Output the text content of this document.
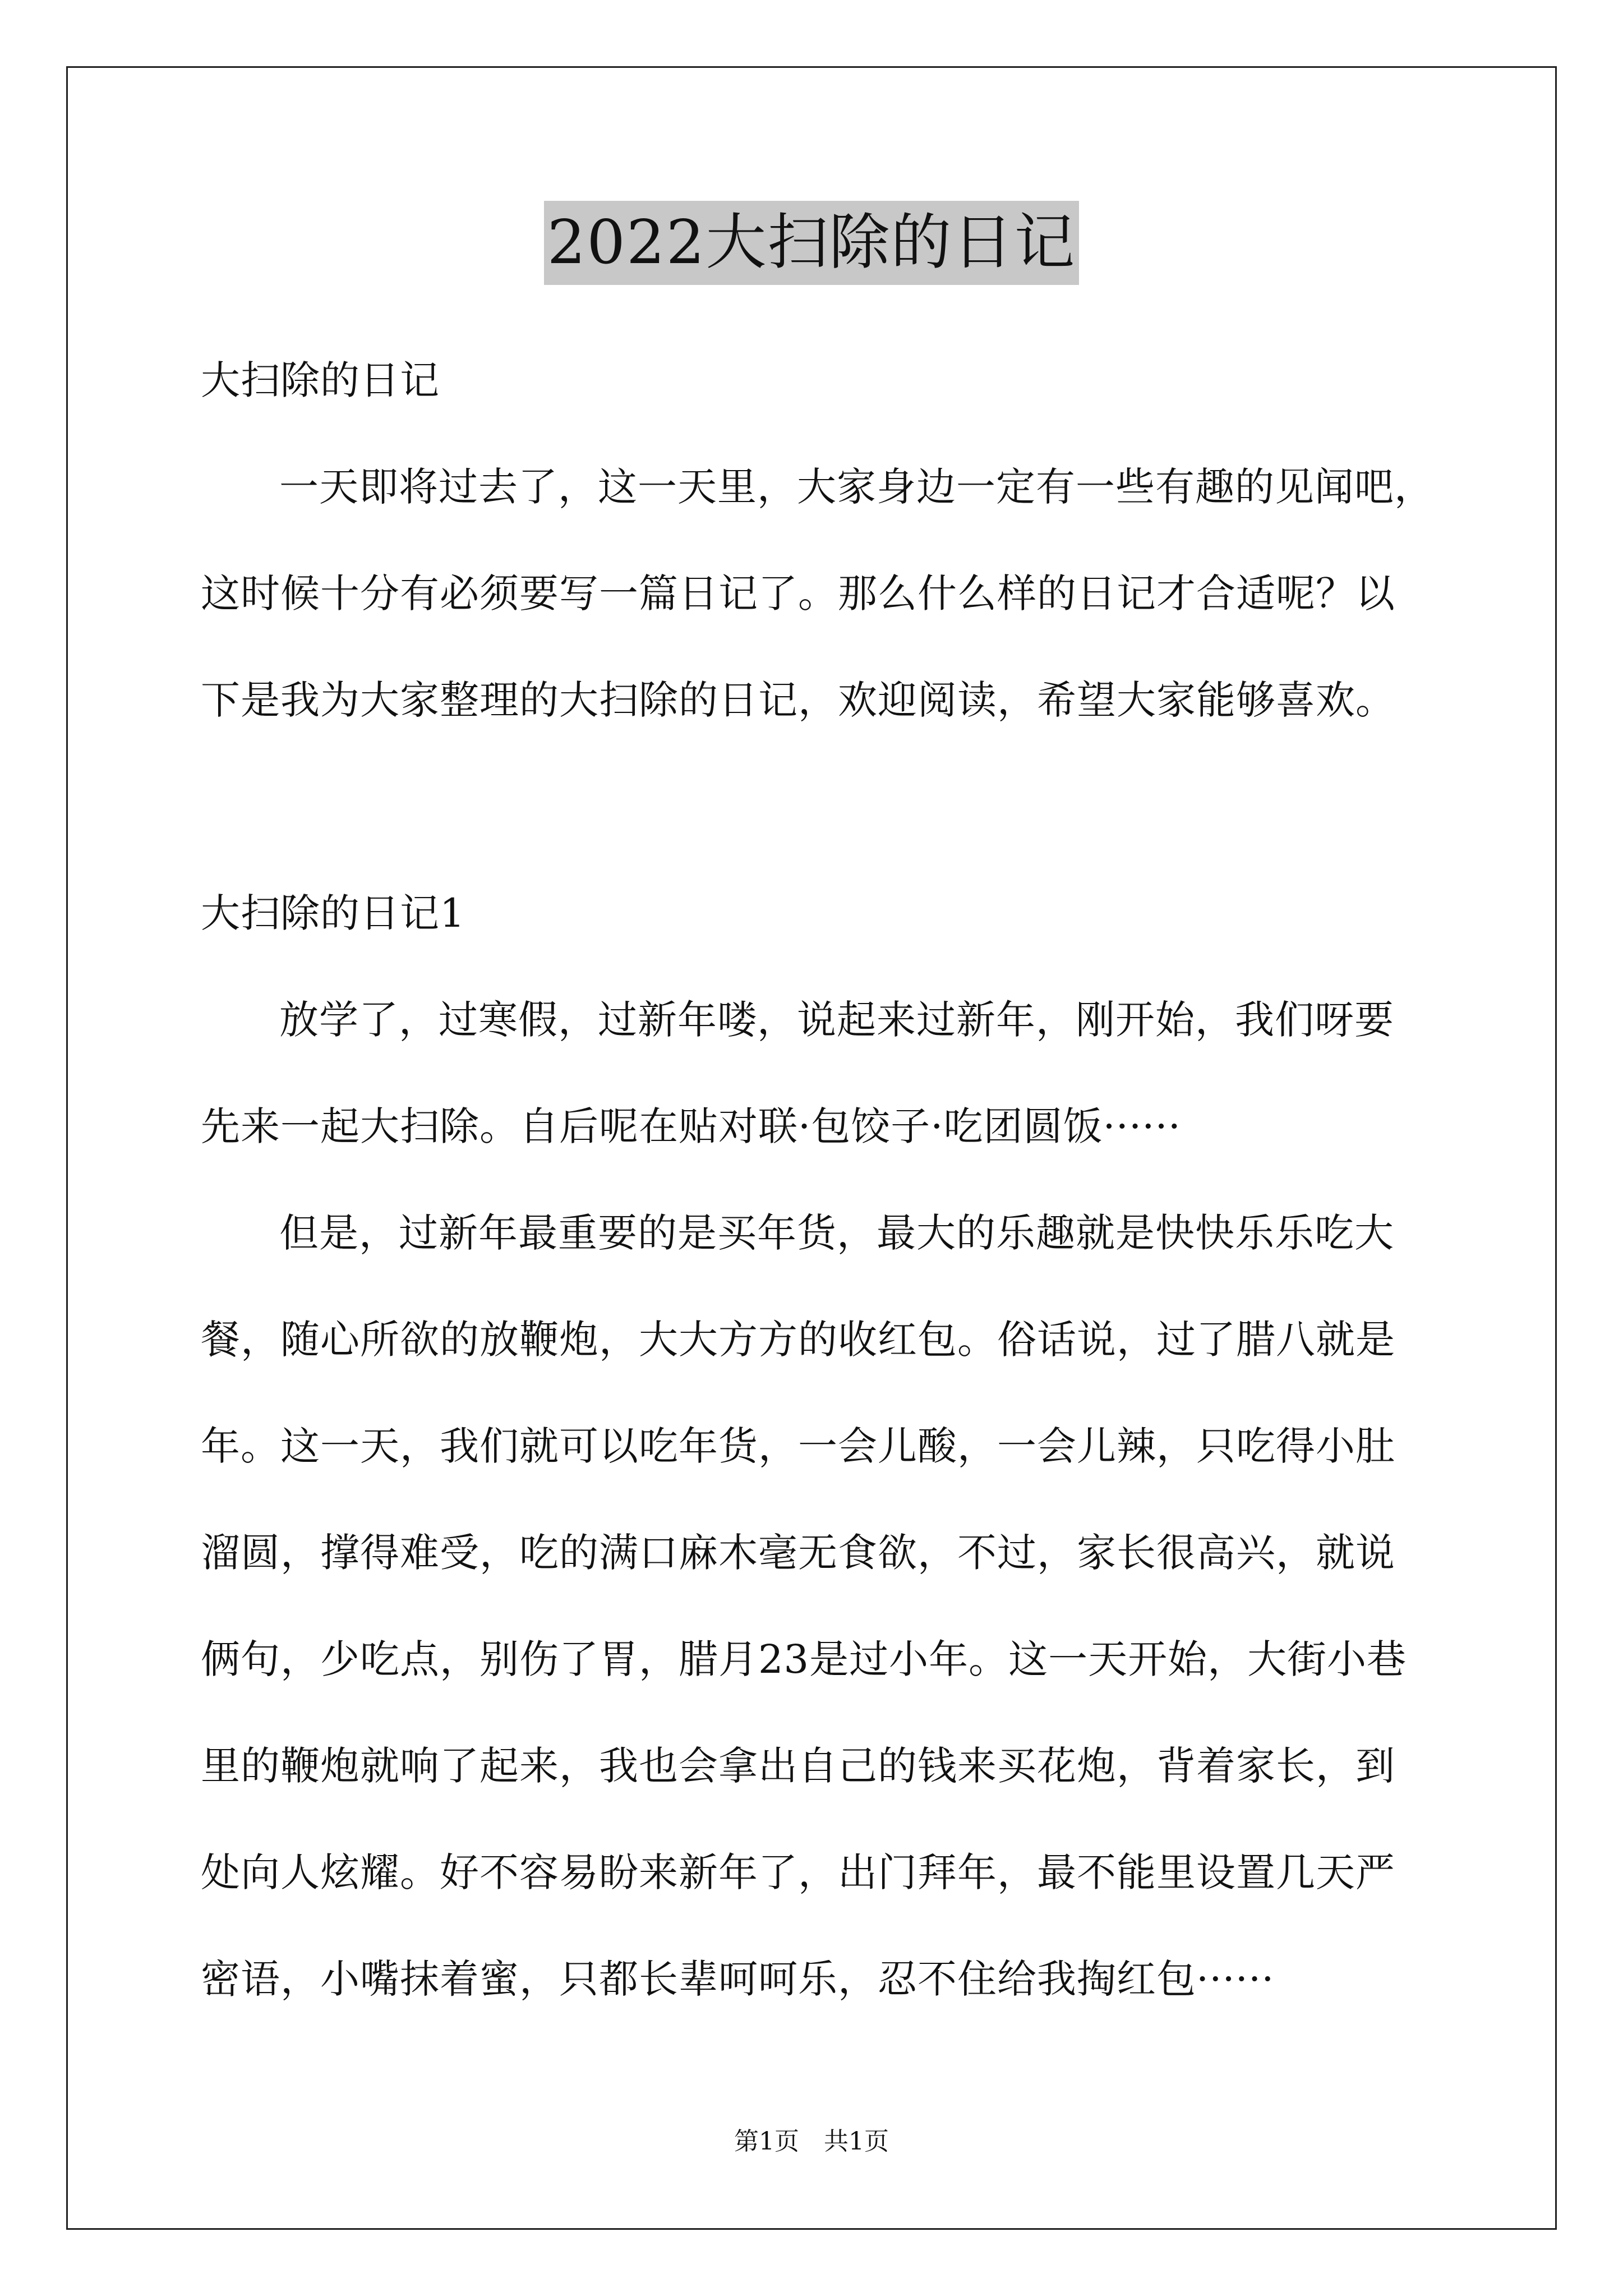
2022大扫除的日记
大扫除的日记
一天即将过去了，这一天里，大家身边一定有一些有趣的见闻吧，
这时候十分有必须要写一篇日记了。那么什么样的日记才合适呢？以
下是我为大家整理的大扫除的日记，欢迎阅读，希望大家能够喜欢。
大扫除的日记1
放学了，过寒假，过新年喽，说起来过新年，刚开始，我们呀要
先来一起大扫除。自后呢在贴对联·包饺子·吃团圆饭······
但是，过新年最重要的是买年货，最大的乐趣就是快快乐乐吃大
餐，随心所欲的放鞭炮，大大方方的收红包。俗话说，过了腊八就是
年。这一天，我们就可以吃年货，一会儿酸，一会儿辣，只吃得小肚
溜圆，撑得难受，吃的满口麻木毫无食欲，不过，家长很高兴，就说
俩句，少吃点，别伤了胃，腊月23是过小年。这一天开始，大街小巷
里的鞭炮就响了起来，我也会拿出自己的钱来买花炮，背着家长，到
处向人炫耀。好不容易盼来新年了，出门拜年，最不能里设置几天严
密语，小嘴抹着蜜，只都长辈呵呵乐，忍不住给我掏红包······
第1页　共1页
